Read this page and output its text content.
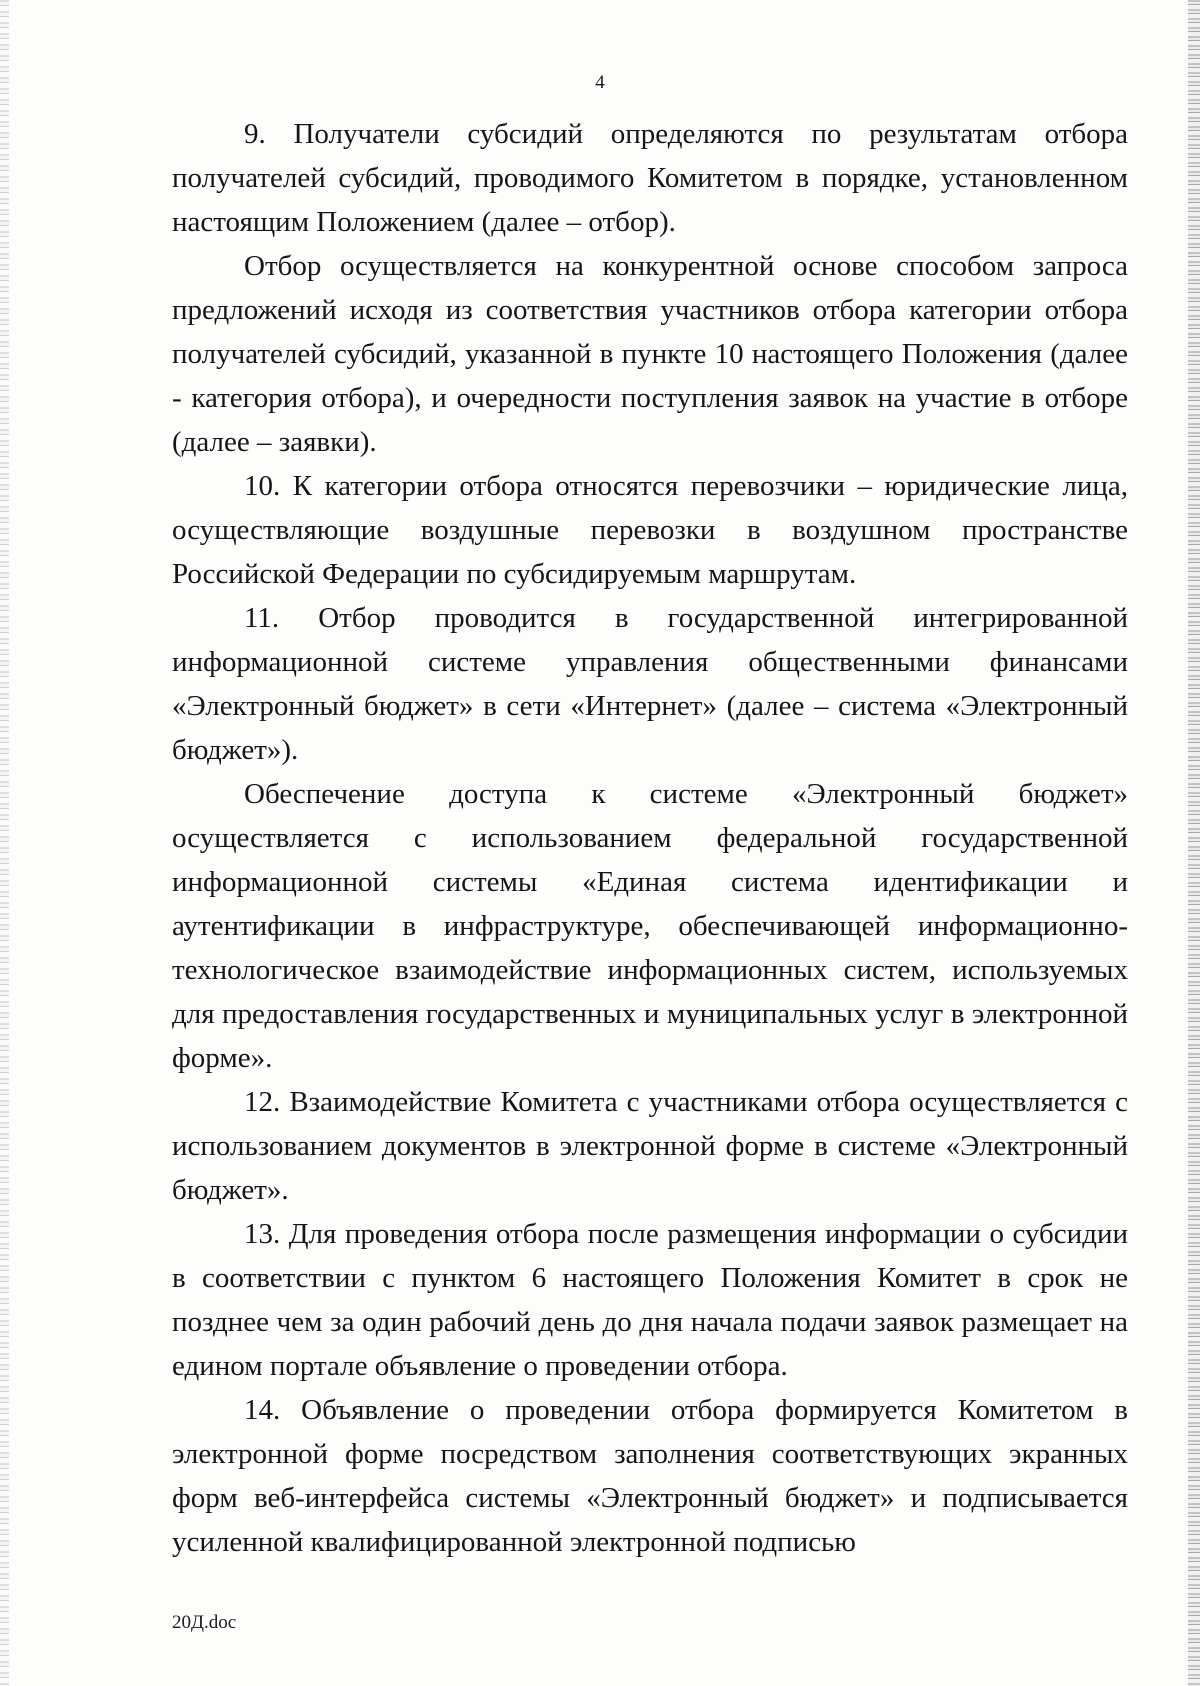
4

9. Получатели субсидий определяются по результатам отбора получателей субсидий, проводимого Комитетом в порядке, установленном настоящим Положением (далее – отбор).

Отбор осуществляется на конкурентной основе способом запроса предложений исходя из соответствия участников отбора категории отбора получателей субсидий, указанной в пункте 10 настоящего Положения (далее - категория отбора), и очередности поступления заявок на участие в отборе (далее – заявки).

10. К категории отбора относятся перевозчики – юридические лица, осуществляющие воздушные перевозки в воздушном пространстве Российской Федерации по субсидируемым маршрутам.

11. Отбор проводится в государственной интегрированной информационной системе управления общественными финансами «Электронный бюджет» в сети «Интернет» (далее – система «Электронный бюджет»).

Обеспечение доступа к системе «Электронный бюджет» осуществляется с использованием федеральной государственной информационной системы «Единая система идентификации и аутентификации в инфраструктуре, обеспечивающей информационно-технологическое взаимодействие информационных систем, используемых для предоставления государственных и муниципальных услуг в электронной форме».

12. Взаимодействие Комитета с участниками отбора осуществляется с использованием документов в электронной форме в системе «Электронный бюджет».

13. Для проведения отбора после размещения информации о субсидии в соответствии с пунктом 6 настоящего Положения Комитет в срок не позднее чем за один рабочий день до дня начала подачи заявок размещает на едином портале объявление о проведении отбора.

14. Объявление о проведении отбора формируется Комитетом в электронной форме посредством заполнения соответствующих экранных форм веб-интерфейса системы «Электронный бюджет» и подписывается усиленной квалифицированной электронной подписью

20Д.doc
